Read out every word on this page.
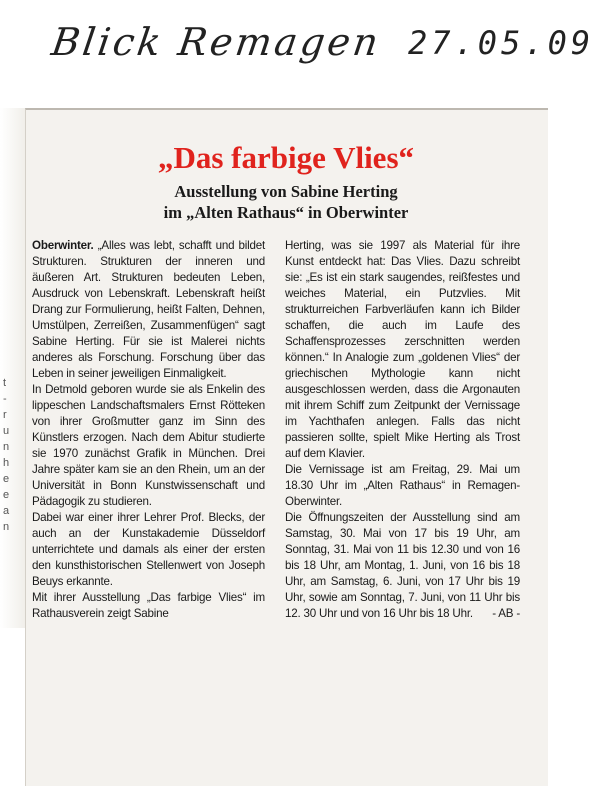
Blick Remagen 27.05.09
t
-
r
u
n
h
e
e
a
n
„Das farbige Vlies“
Ausstellung von Sabine Herting
im „Alten Rathaus“ in Oberwinter

Oberwinter. „Alles was lebt, schafft und bildet Strukturen. Strukturen der inneren und äußeren Art. Strukturen bedeuten Leben, Ausdruck von Lebenskraft. Lebenskraft heißt Drang zur Formulierung, heißt Falten, Dehnen, Umstülpen, Zerreißen, Zusammenfügen“ sagt Sabine Herting. Für sie ist Malerei nichts anderes als Forschung. Forschung über das Leben in seiner jeweiligen Einmaligkeit.

In Detmold geboren wurde sie als Enkelin des lippeschen Landschaftsmalers Ernst Rötteken von ihrer Großmutter ganz im Sinn des Künstlers erzogen. Nach dem Abitur studierte sie 1970 zunächst Grafik in München. Drei Jahre später kam sie an den Rhein, um an der Universität in Bonn Kunstwissenschaft und Pädagogik zu studieren.

Dabei war einer ihrer Lehrer Prof. Blecks, der auch an der Kunstakademie Düsseldorf unterrichtete und damals als einer der ersten den kunsthistorischen Stellenwert von Joseph Beuys erkannte.

Mit ihrer Ausstellung „Das farbige Vlies“ im Rathausverein zeigt Sabine

Herting, was sie 1997 als Material für ihre Kunst entdeckt hat: Das Vlies. Dazu schreibt sie: „Es ist ein stark saugendes, reißfestes und weiches Material, ein Putzvlies. Mit strukturreichen Farbverläufen kann ich Bilder schaffen, die auch im Laufe des Schaffensprozesses zerschnitten werden können.“ In Analogie zum „goldenen Vlies“ der griechischen Mythologie kann nicht ausgeschlossen werden, dass die Argonauten mit ihrem Schiff zum Zeitpunkt der Vernissage im Yachthafen anlegen. Falls das nicht passieren sollte, spielt Mike Herting als Trost auf dem Klavier.

Die Vernissage ist am Freitag, 29. Mai um 18.30 Uhr im „Alten Rathaus“ in Remagen-Oberwinter.

Die Öffnungszeiten der Ausstellung sind am Samstag, 30. Mai von 17 bis 19 Uhr, am Sonntag, 31. Mai von 11 bis 12.30 und von 16 bis 18 Uhr, am Montag, 1. Juni, von 16 bis 18 Uhr, am Samstag, 6. Juni, von 17 Uhr bis 19 Uhr, sowie am Sonntag, 7. Juni, von 11 Uhr bis 12. 30 Uhr und von 16 Uhr bis 18 Uhr. - AB -
